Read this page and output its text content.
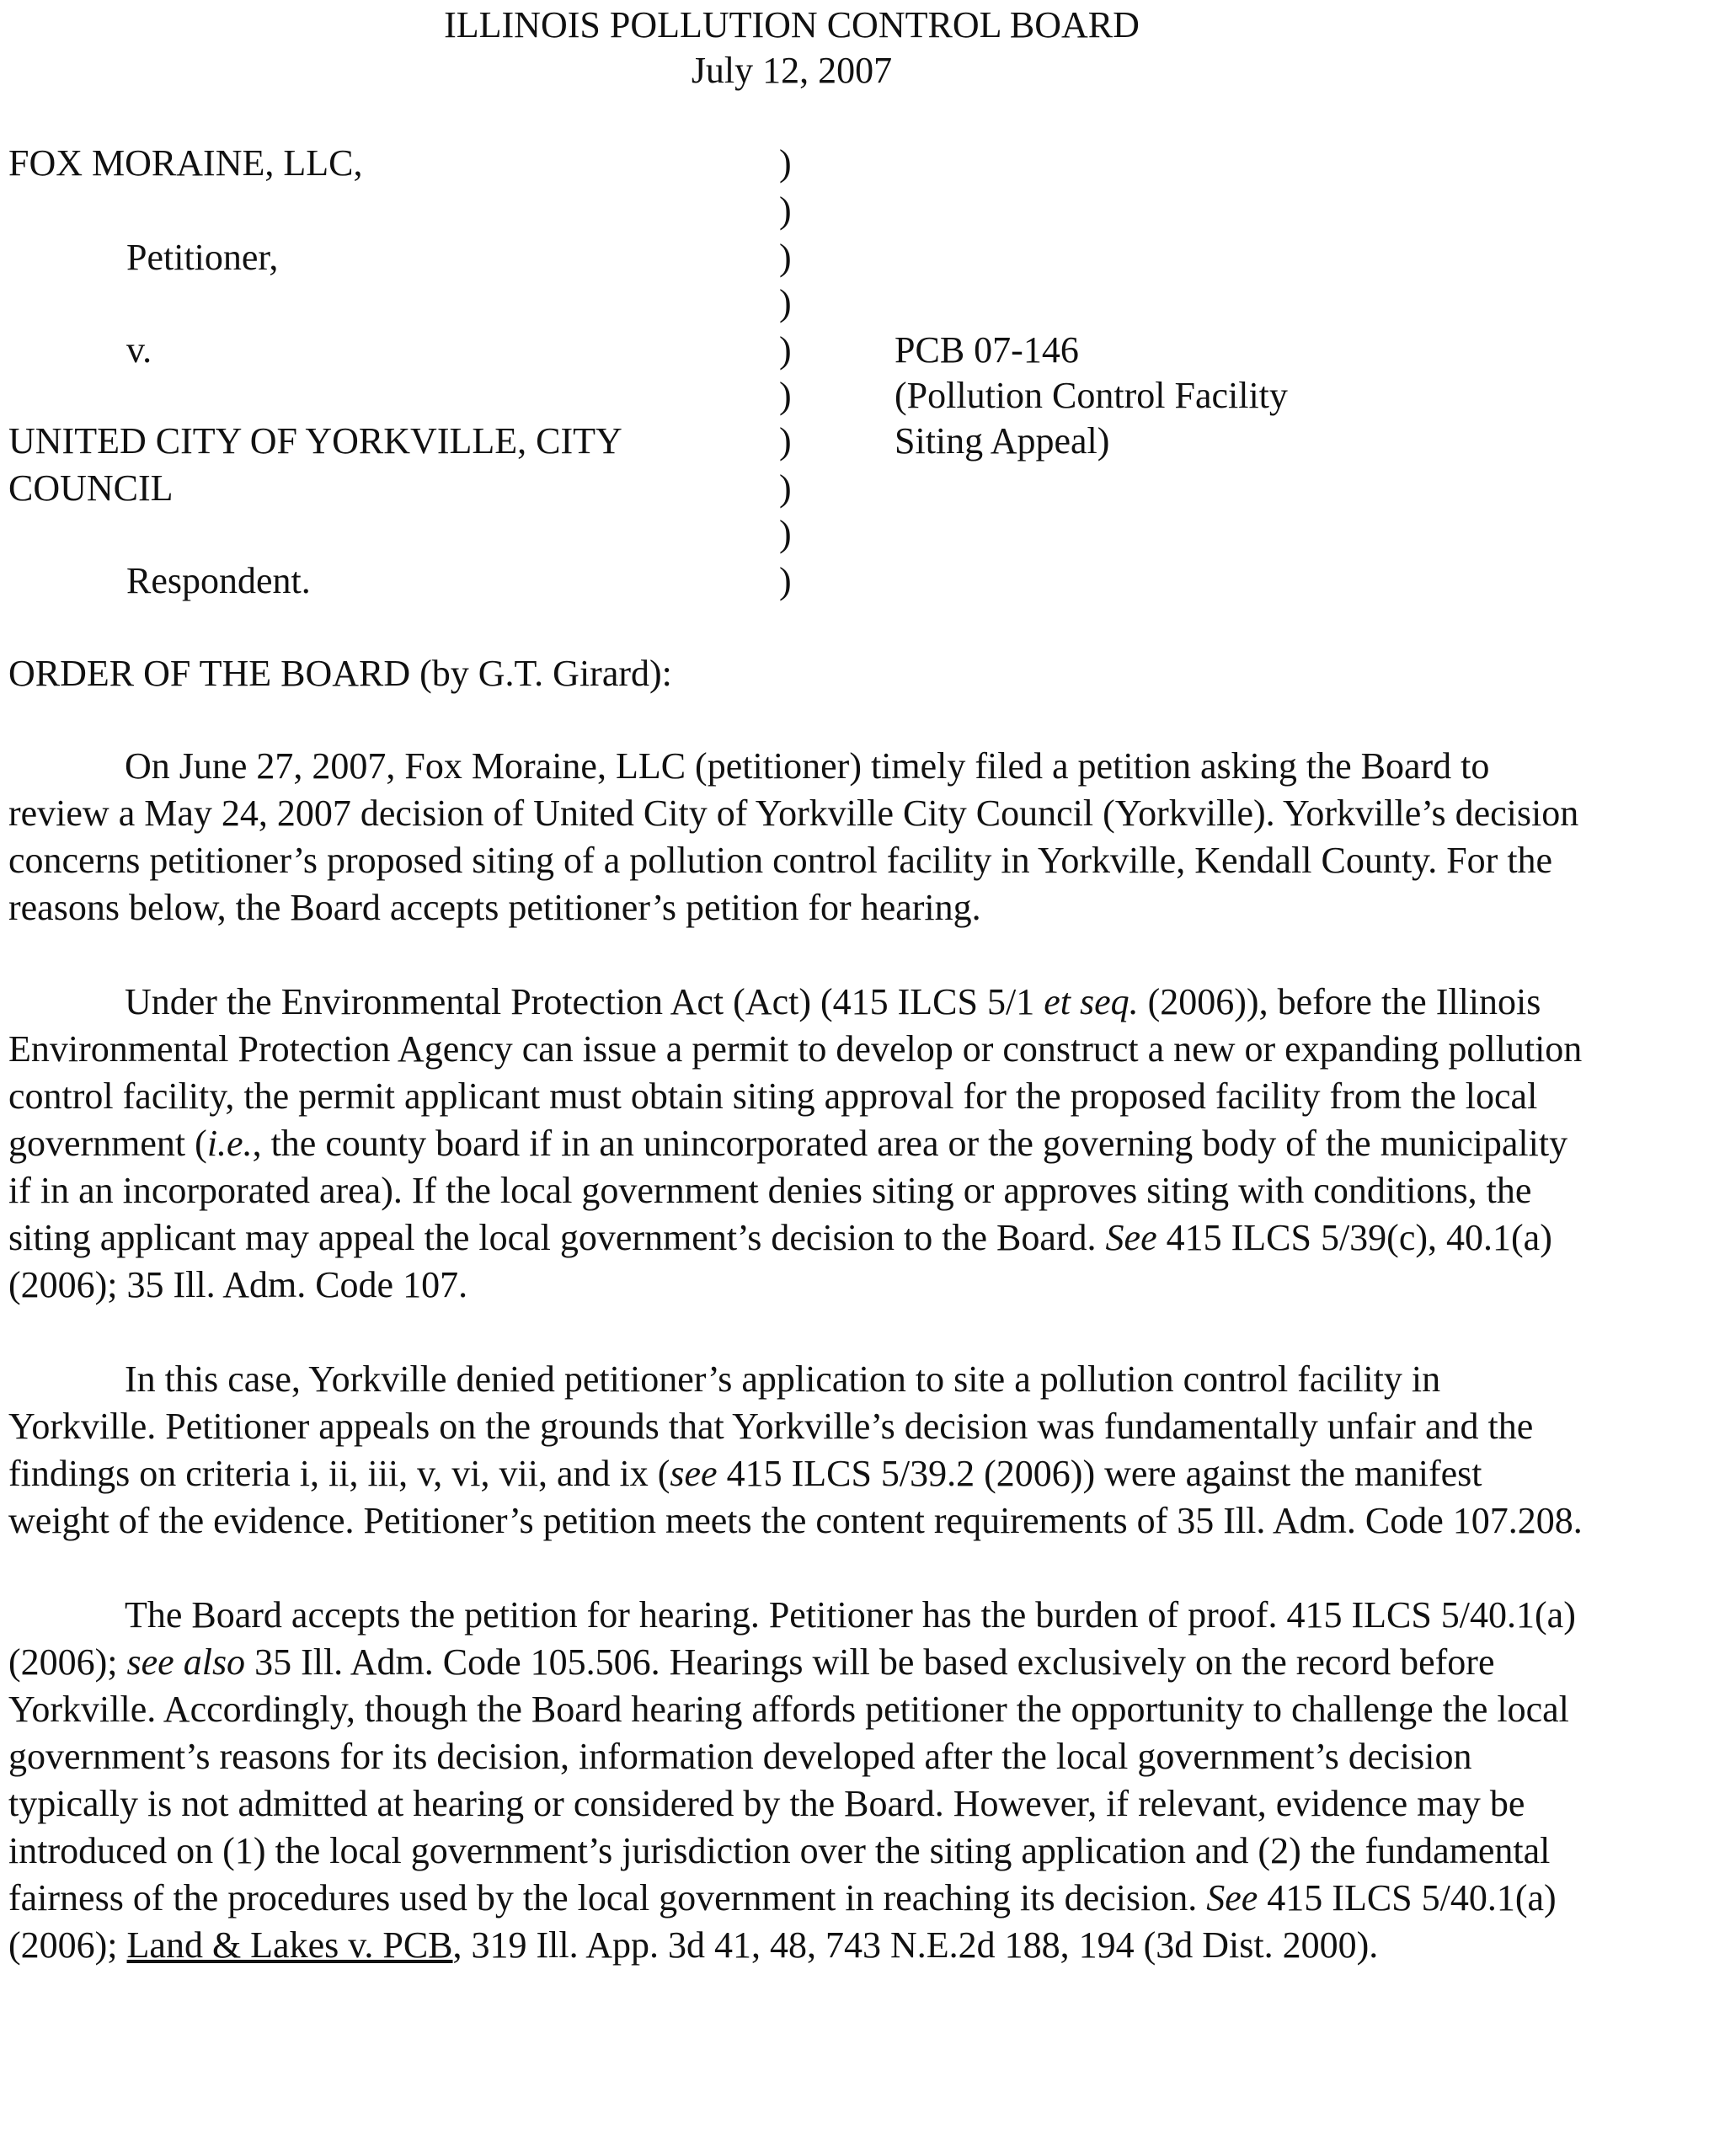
ILLINOIS POLLUTION CONTROL BOARD
July 12, 2007
FOX MORAINE, LLC,
Petitioner,
v.
UNITED CITY OF YORKVILLE, CITY
COUNCIL
Respondent.
)
)
)
)
)
)
)
)
)
)
PCB 07-146
(Pollution Control Facility
Siting Appeal)
ORDER OF THE BOARD (by G.T. Girard):

On June 27, 2007, Fox Moraine, LLC (petitioner) timely filed a petition asking the Board to review a May 24, 2007 decision of United City of Yorkville City Council (Yorkville). Yorkville’s decision concerns petitioner’s proposed siting of a pollution control facility in Yorkville, Kendall County. For the reasons below, the Board accepts petitioner’s petition for hearing.

Under the Environmental Protection Act (Act) (415 ILCS 5/1 et seq. (2006)), before the Illinois Environmental Protection Agency can issue a permit to develop or construct a new or expanding pollution control facility, the permit applicant must obtain siting approval for the proposed facility from the local government (i.e., the county board if in an unincorporated area or the governing body of the municipality if in an incorporated area). If the local government denies siting or approves siting with conditions, the siting applicant may appeal the local government’s decision to the Board. See 415 ILCS 5/39(c), 40.1(a) (2006); 35 Ill. Adm. Code 107.

In this case, Yorkville denied petitioner’s application to site a pollution control facility in Yorkville. Petitioner appeals on the grounds that Yorkville’s decision was fundamentally unfair and the findings on criteria i, ii, iii, v, vi, vii, and ix (see 415 ILCS 5/39.2 (2006)) were against the manifest weight of the evidence. Petitioner’s petition meets the content requirements of 35 Ill. Adm. Code 107.208.

The Board accepts the petition for hearing. Petitioner has the burden of proof. 415 ILCS 5/40.1(a) (2006); see also 35 Ill. Adm. Code 105.506. Hearings will be based exclusively on the record before Yorkville. Accordingly, though the Board hearing affords petitioner the opportunity to challenge the local government’s reasons for its decision, information developed after the local government’s decision typically is not admitted at hearing or considered by the Board. However, if relevant, evidence may be introduced on (1) the local government’s jurisdiction over the siting application and (2) the fundamental fairness of the procedures used by the local government in reaching its decision. See 415 ILCS 5/40.1(a) (2006); Land & Lakes v. PCB, 319 Ill. App. 3d 41, 48, 743 N.E.2d 188, 194 (3d Dist. 2000).
